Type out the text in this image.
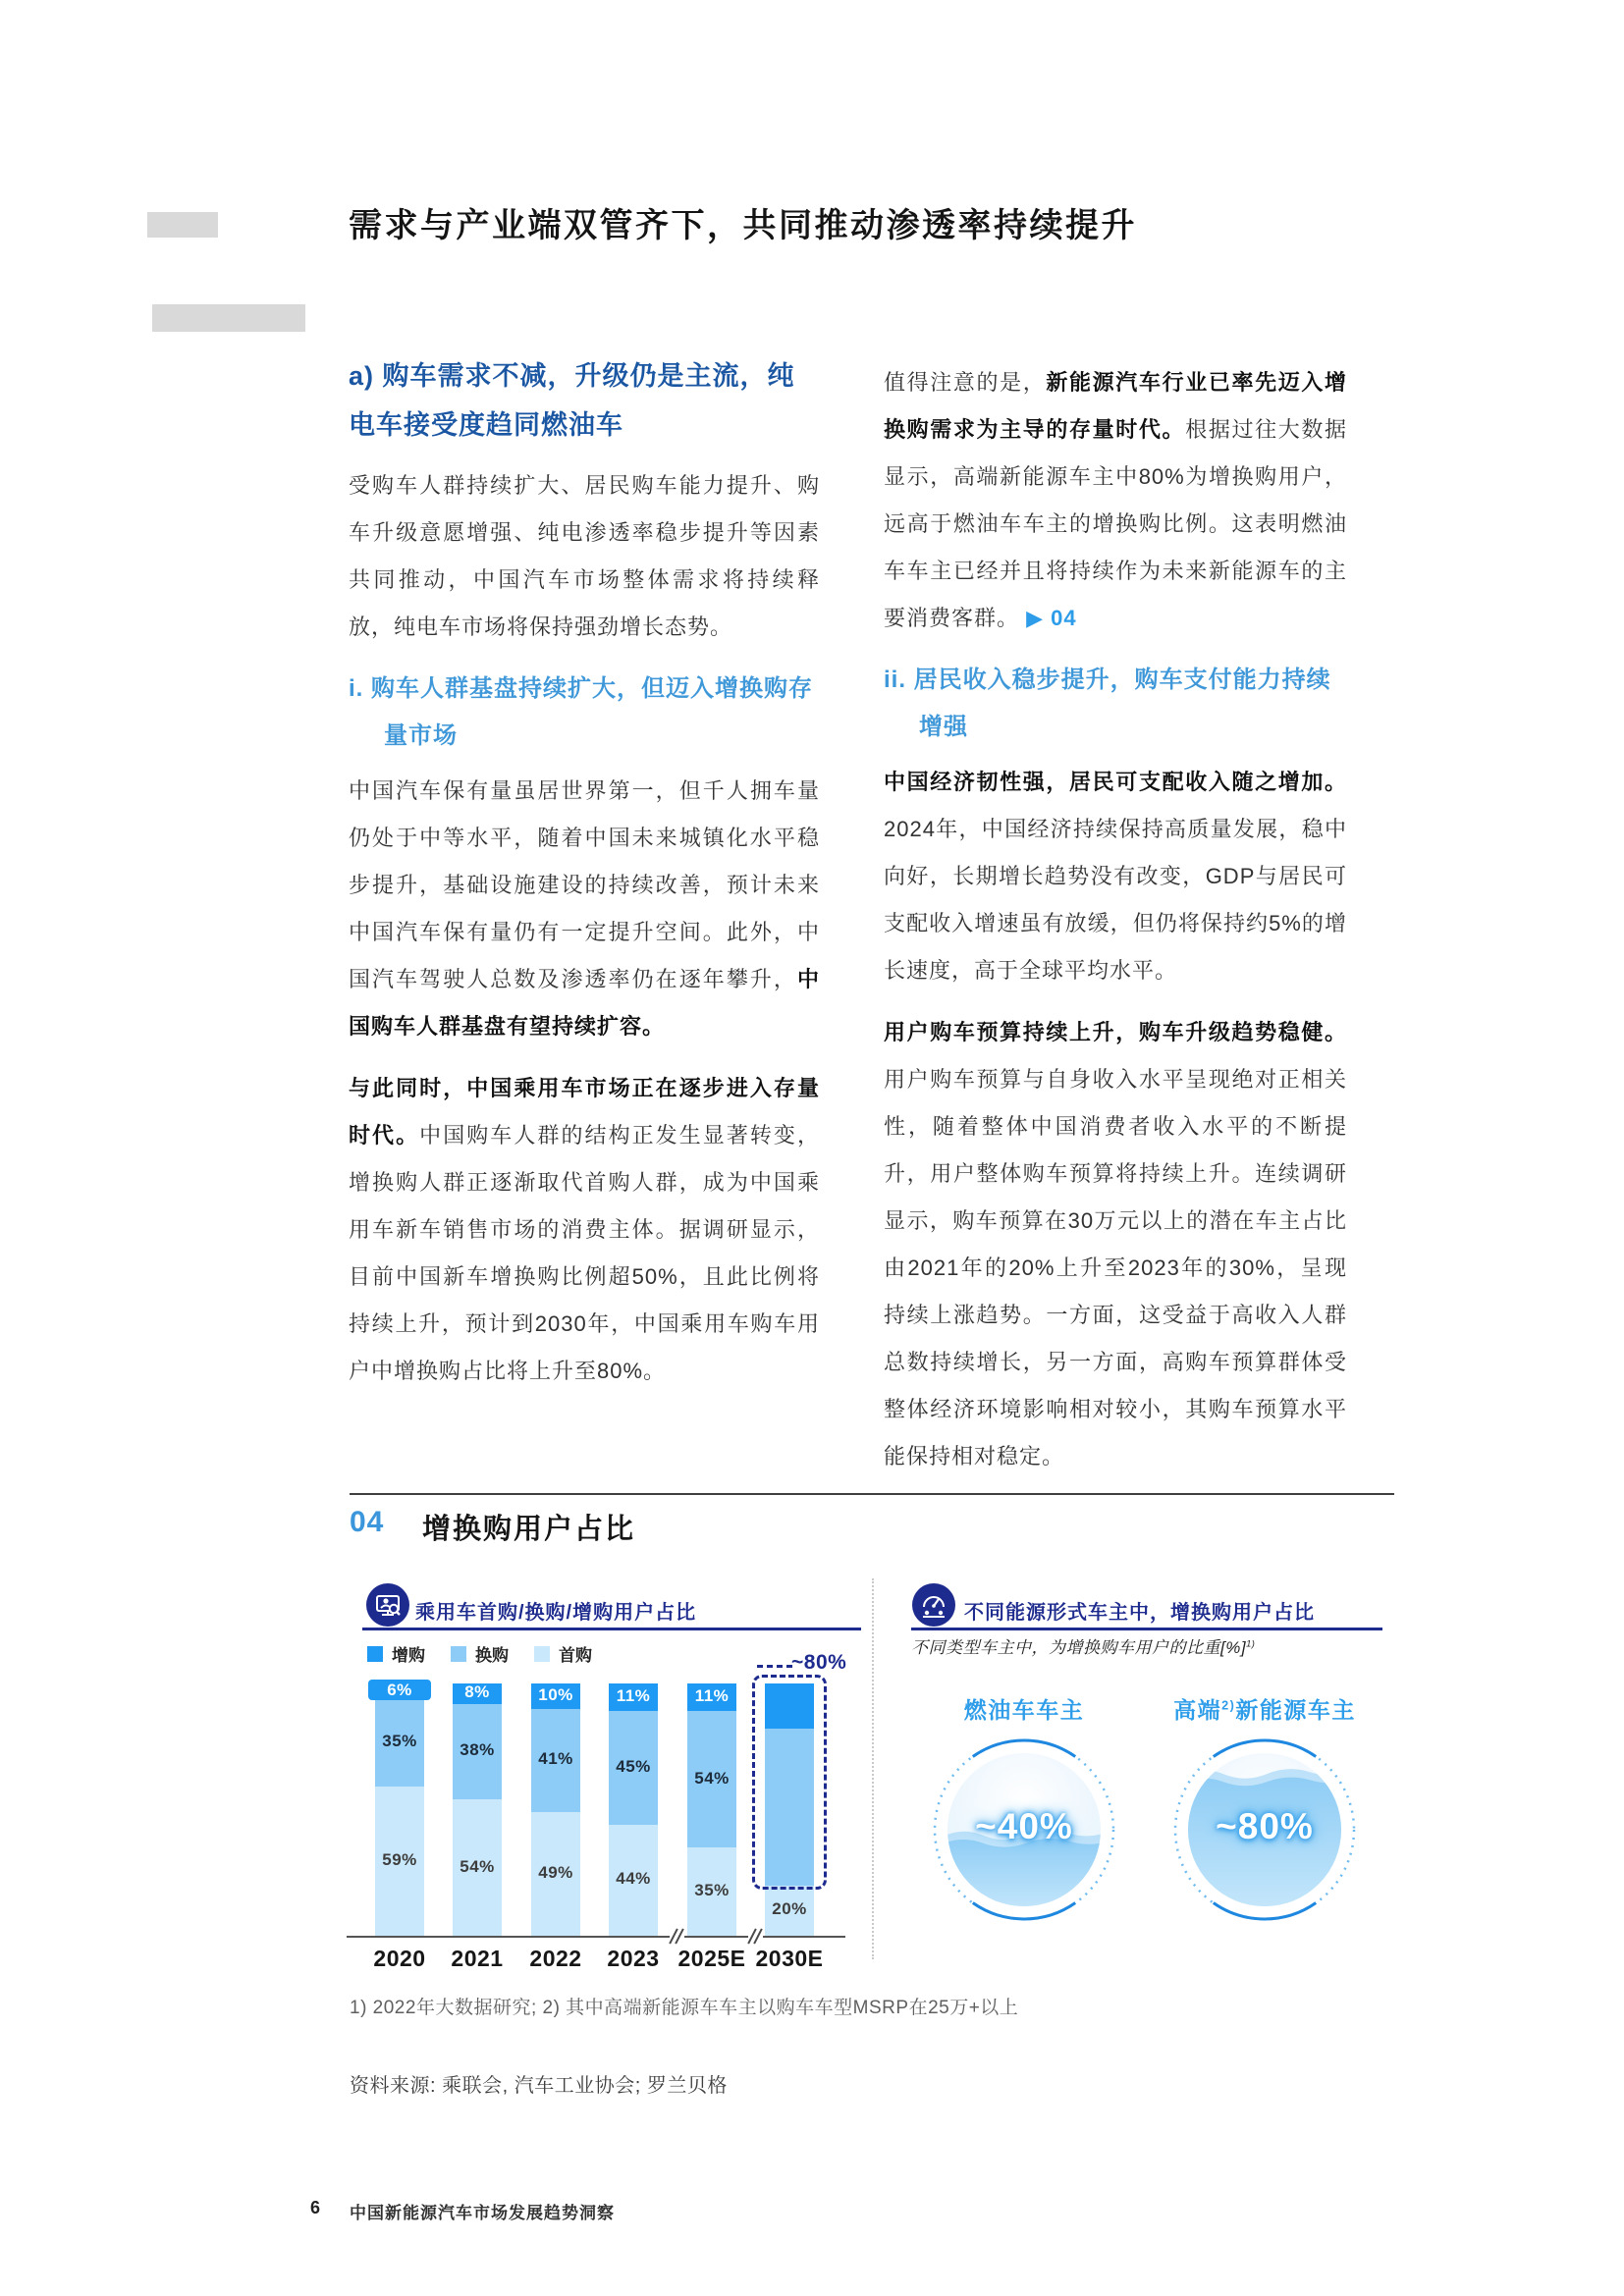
需求与产业端双管齐下，共同推动渗透率持续提升
a) 购车需求不减，升级仍是主流，纯电车接受度趋同燃油车

受购车人群持续扩大、居民购车能力提升、购车升级意愿增强、纯电渗透率稳步提升等因素共同推动，中国汽车市场整体需求将持续释放，纯电车市场将保持强劲增长态势。

i. 购车人群基盘持续扩大，但迈入增换购存量市场

中国汽车保有量虽居世界第一，但千人拥车量仍处于中等水平，随着中国未来城镇化水平稳步提升，基础设施建设的持续改善，预计未来中国汽车保有量仍有一定提升空间。此外，中国汽车驾驶人总数及渗透率仍在逐年攀升，中国购车人群基盘有望持续扩容。

与此同时，中国乘用车市场正在逐步进入存量时代。中国购车人群的结构正发生显著转变，增换购人群正逐渐取代首购人群，成为中国乘用车新车销售市场的消费主体。据调研显示，目前中国新车增换购比例超50%，且此比例将持续上升，预计到2030年，中国乘用车购车用户中增换购占比将上升至80%。

值得注意的是，新能源汽车行业已率先迈入增换购需求为主导的存量时代。根据过往大数据显示，高端新能源车主中80%为增换购用户，远高于燃油车车主的增换购比例。这表明燃油车车主已经并且将持续作为未来新能源车的主要消费客群。 ▶ 04

ii. 居民收入稳步提升，购车支付能力持续增强

中国经济韧性强，居民可支配收入随之增加。2024年，中国经济持续保持高质量发展，稳中向好，长期增长趋势没有改变，GDP与居民可支配收入增速虽有放缓，但仍将保持约5%的增长速度，高于全球平均水平。

用户购车预算持续上升，购车升级趋势稳健。用户购车预算与自身收入水平呈现绝对正相关性，随着整体中国消费者收入水平的不断提升，用户整体购车预算将持续上升。连续调研显示，购车预算在30万元以上的潜在车主占比由2021年的20%上升至2023年的30%，呈现持续上涨趋势。一方面，这受益于高收入人群总数持续增长，另一方面，高购车预算群体受整体经济环境影响相对较小，其购车预算水平能保持相对稳定。

04 增换购用户占比
乘用车首购/换购/增购用户占比
增购	换购	首购
59%
35%
6%
2020
54%
38%
8%
2021
49%
41%
10%
2022
44%
45%
11%
2023
35%
54%
11%
2025E
20%
2030E
~80%
不同能源形式车主中，增换购用户占比
不同类型车主中，为增换购车用户的比重[%]$^{1)}$
燃油车车主
~40%
高端$^{2)}$新能源车主
~80%
1) 2022年大数据研究; 2) 其中高端新能源车车主以购车车型MSRP在25万+以上
资料来源: 乘联会, 汽车工业协会; 罗兰贝格
6 中国新能源汽车市场发展趋势洞察
